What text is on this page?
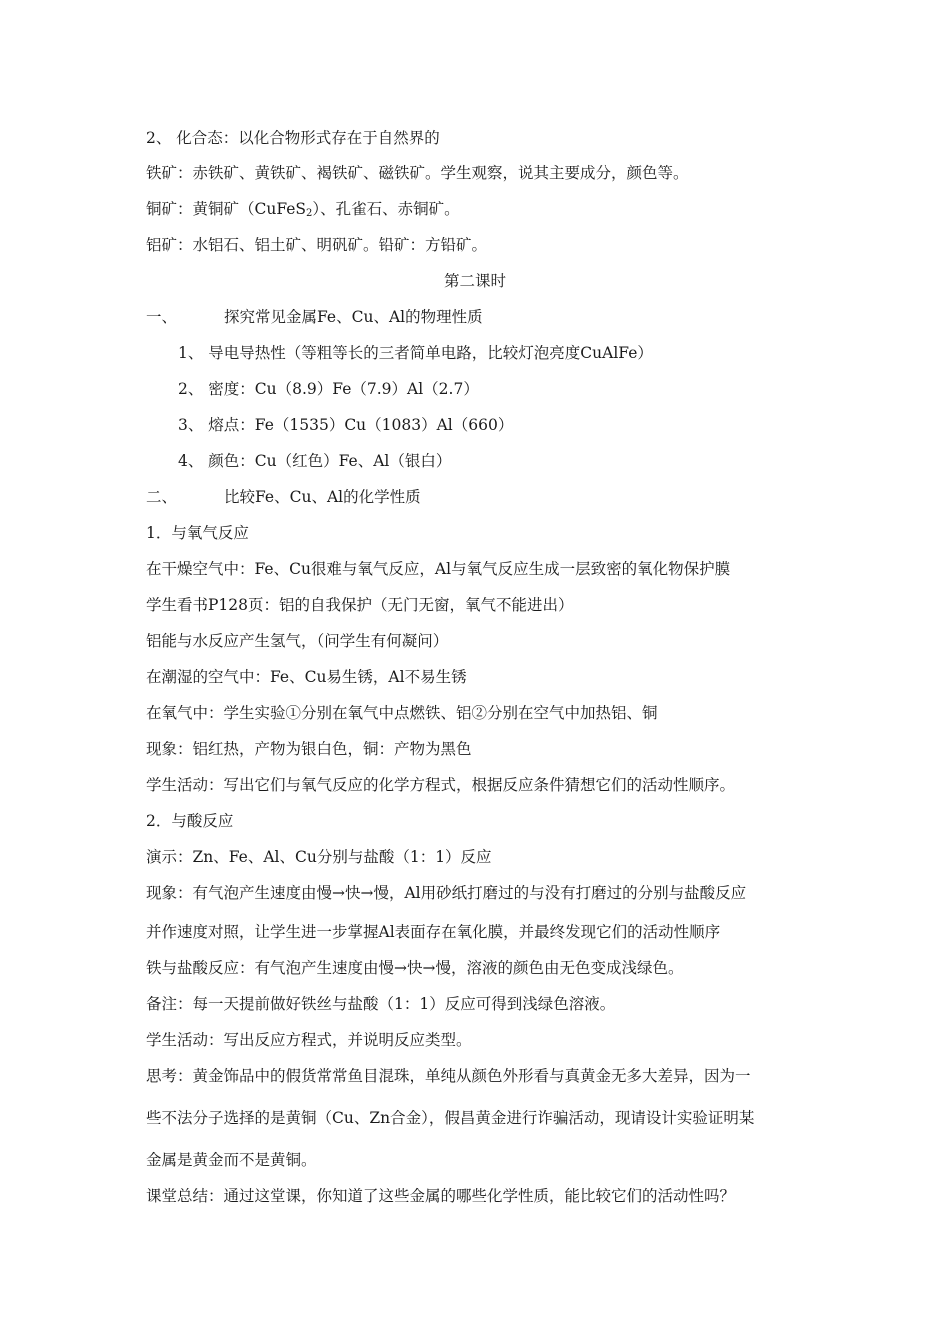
2、 化合态：以化合物形式存在于自然界的
铁矿：赤铁矿、黄铁矿、褐铁矿、磁铁矿。学生观察，说其主要成分，颜色等。
铜矿：黄铜矿（CuFeS$_2$）、孔雀石、赤铜矿。
铝矿：水铝石、铝土矿、明矾矿。铅矿：方铅矿。
第二课时
一、	探究常见金属Fe、Cu、Al的物理性质
1、 导电导热性（等粗等长的三者简单电路，比较灯泡亮度CuAlFe）
2、 密度：Cu（8.9）Fe（7.9）Al（2.7）
3、 熔点：Fe（1535）Cu（1083）Al（660）
4、 颜色：Cu（红色）Fe、Al（银白）
二、	比较Fe、Cu、Al的化学性质
1．与氧气反应
在干燥空气中：Fe、Cu很难与氧气反应，Al与氧气反应生成一层致密的氧化物保护膜
学生看书P128页：铝的自我保护（无门无窗，氧气不能进出）
铝能与水反应产生氢气，（问学生有何凝问）
在潮湿的空气中：Fe、Cu易生锈，Al不易生锈
在氧气中：学生实验①分别在氧气中点燃铁、铝②分别在空气中加热铝、铜
现象：铝红热，产物为银白色，铜：产物为黑色
学生活动：写出它们与氧气反应的化学方程式，根据反应条件猜想它们的活动性顺序。
2．与酸反应
演示：Zn、Fe、Al、Cu分别与盐酸（1：1）反应
现象：有气泡产生速度由慢→快→慢，Al用砂纸打磨过的与没有打磨过的分别与盐酸反应
并作速度对照，让学生进一步掌握Al表面存在氧化膜，并最终发现它们的活动性顺序
铁与盐酸反应：有气泡产生速度由慢→快→慢，溶液的颜色由无色变成浅绿色。
备注：每一天提前做好铁丝与盐酸（1：1）反应可得到浅绿色溶液。
学生活动：写出反应方程式，并说明反应类型。
思考：黄金饰品中的假货常常鱼目混珠，单纯从颜色外形看与真黄金无多大差异，因为一
些不法分子选择的是黄铜（Cu、Zn合金），假昌黄金进行诈骗活动，现请设计实验证明某
金属是黄金而不是黄铜。
课堂总结：通过这堂课，你知道了这些金属的哪些化学性质，能比较它们的活动性吗？
